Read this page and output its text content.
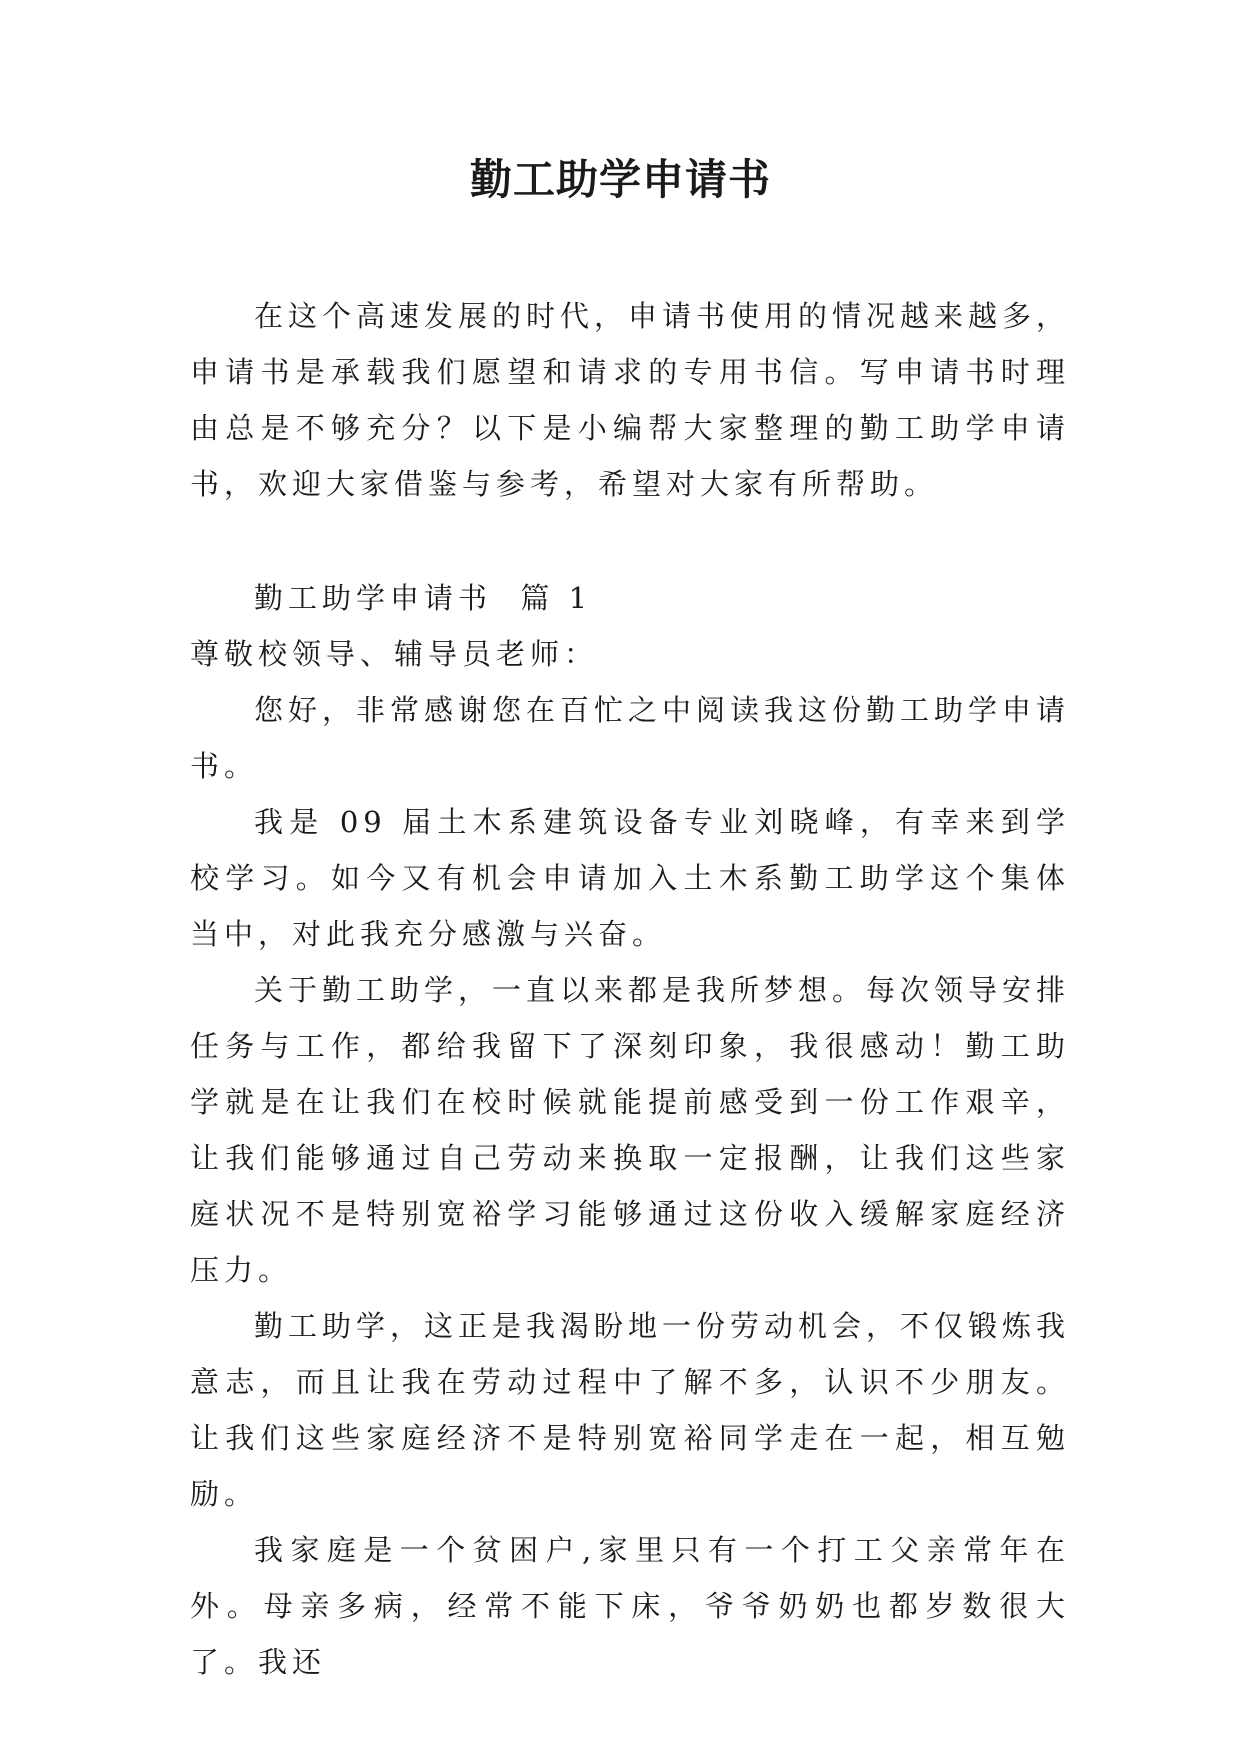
勤工助学申请书

在这个高速发展的时代，申请书使用的情况越来越多，申请书是承载我们愿望和请求的专用书信。写申请书时理由总是不够充分？以下是小编帮大家整理的勤工助学申请书，欢迎大家借鉴与参考，希望对大家有所帮助。

勤工助学申请书  篇 1

尊敬校领导、辅导员老师：

您好，非常感谢您在百忙之中阅读我这份勤工助学申请书。

我是 09 届土木系建筑设备专业刘晓峰，有幸来到学校学习。如今又有机会申请加入土木系勤工助学这个集体当中，对此我充分感激与兴奋。

关于勤工助学，一直以来都是我所梦想。每次领导安排任务与工作，都给我留下了深刻印象，我很感动！勤工助学就是在让我们在校时候就能提前感受到一份工作艰辛，让我们能够通过自己劳动来换取一定报酬，让我们这些家庭状况不是特别宽裕学习能够通过这份收入缓解家庭经济压力。

勤工助学，这正是我渴盼地一份劳动机会，不仅锻炼我意志，而且让我在劳动过程中了解不多，认识不少朋友。让我们这些家庭经济不是特别宽裕同学走在一起，相互勉励。

我家庭是一个贫困户,家里只有一个打工父亲常年在外。母亲多病，经常不能下床，爷爷奶奶也都岁数很大了。我还
